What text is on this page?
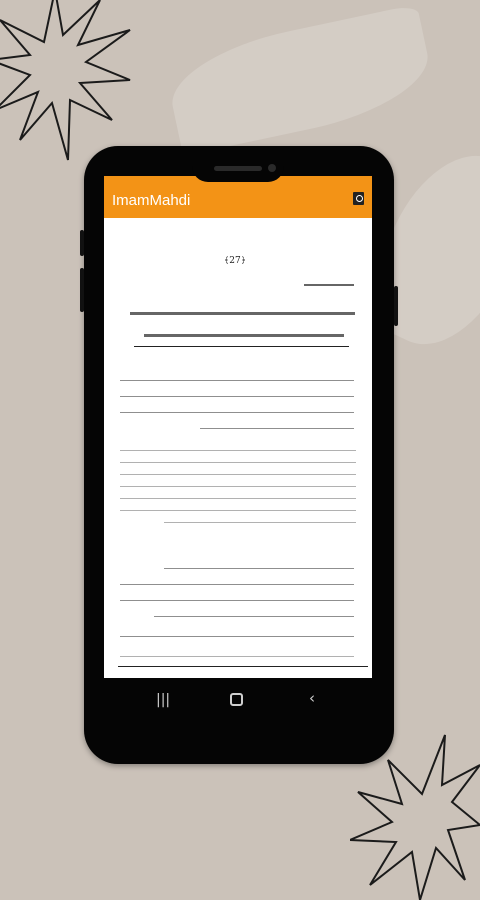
ImamMahdi
﴾27﴿
|||	‹
